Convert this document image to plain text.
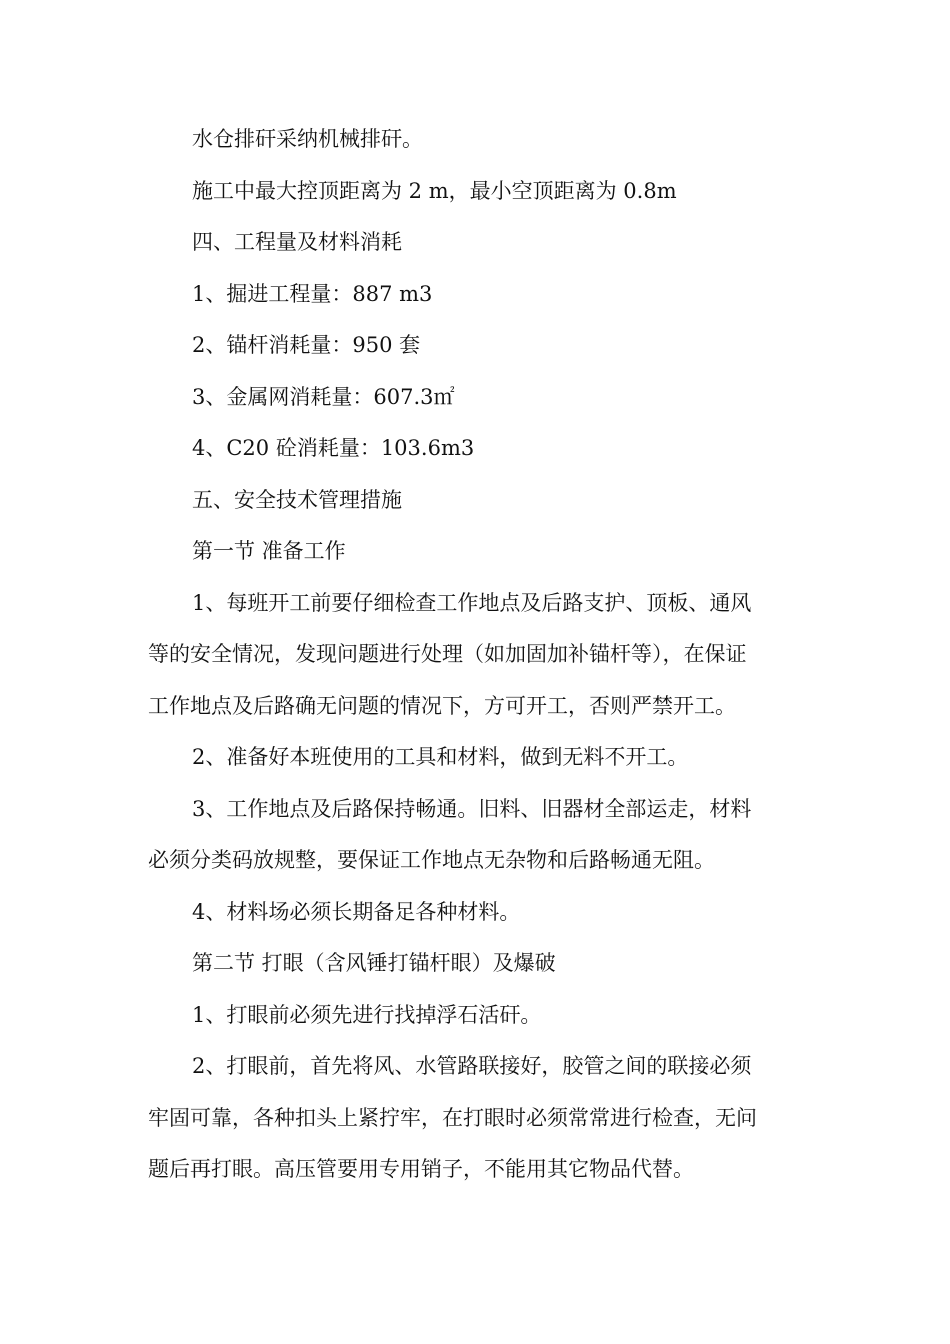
水仓排矸采纳机械排矸。

施工中最大控顶距离为 2 m，最小空顶距离为 0.8m

四、工程量及材料消耗

1、掘进工程量：887 m3

2、锚杆消耗量：950 套

3、金属网消耗量：607.3㎡

4、C20 砼消耗量：103.6m3

五、安全技术管理措施

第一节 准备工作

1、每班开工前要仔细检查工作地点及后路支护、顶板、通风

等的安全情况，发现问题进行处理（如加固加补锚杆等），在保证

工作地点及后路确无问题的情况下，方可开工，否则严禁开工。

2、准备好本班使用的工具和材料，做到无料不开工。

3、工作地点及后路保持畅通。旧料、旧器材全部运走，材料

必须分类码放规整，要保证工作地点无杂物和后路畅通无阻。

4、材料场必须长期备足各种材料。

第二节 打眼（含风锤打锚杆眼）及爆破

1、打眼前必须先进行找掉浮石活矸。

2、打眼前，首先将风、水管路联接好，胶管之间的联接必须

牢固可靠，各种扣头上紧拧牢，在打眼时必须常常进行检查，无问

题后再打眼。高压管要用专用销子，不能用其它物品代替。
